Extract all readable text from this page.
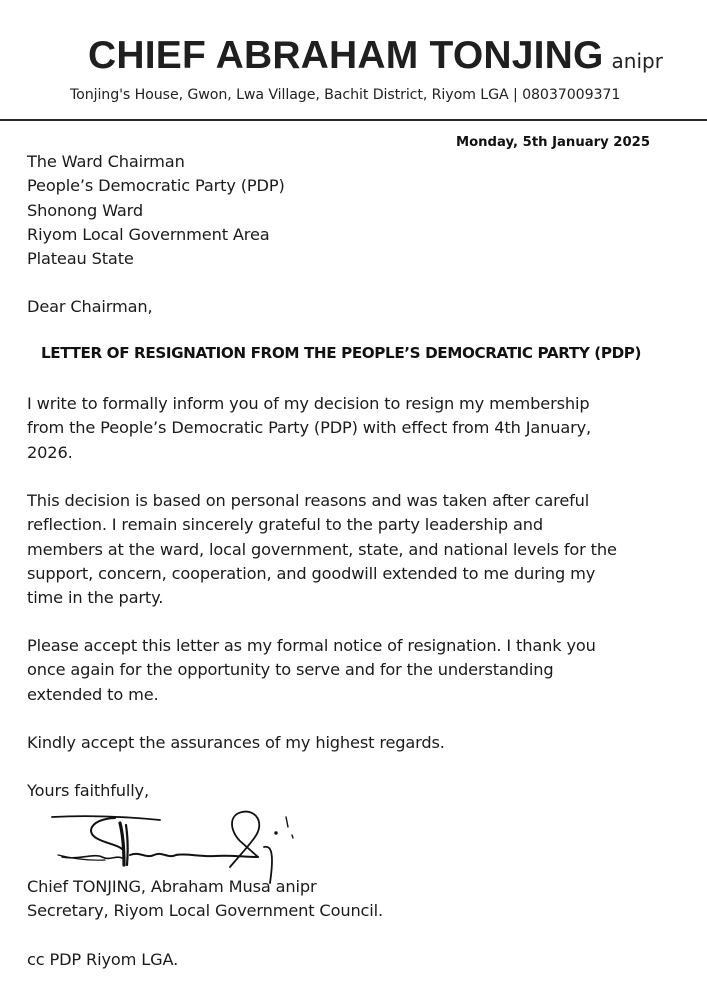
CHIEF ABRAHAM TONJING anipr
Tonjing's House, Gwon, Lwa Village, Bachit District, Riyom LGA | 08037009371
Monday, 5th January 2025
The Ward Chairman
People’s Democratic Party (PDP)
Shonong Ward
Riyom Local Government Area
Plateau State
Dear Chairman,
LETTER OF RESIGNATION FROM THE PEOPLE’S DEMOCRATIC PARTY (PDP)
I write to formally inform you of my decision to resign my membership
from the People’s Democratic Party (PDP) with effect from 4th January,
2026.
This decision is based on personal reasons and was taken after careful
reflection. I remain sincerely grateful to the party leadership and
members at the ward, local government, state, and national levels for the
support, concern, cooperation, and goodwill extended to me during my
time in the party.
Please accept this letter as my formal notice of resignation. I thank you
once again for the opportunity to serve and for the understanding
extended to me.
Kindly accept the assurances of my highest regards.
Yours faithfully,
Chief TONJING, Abraham Musa anipr
Secretary, Riyom Local Government Council.
cc PDP Riyom LGA.
